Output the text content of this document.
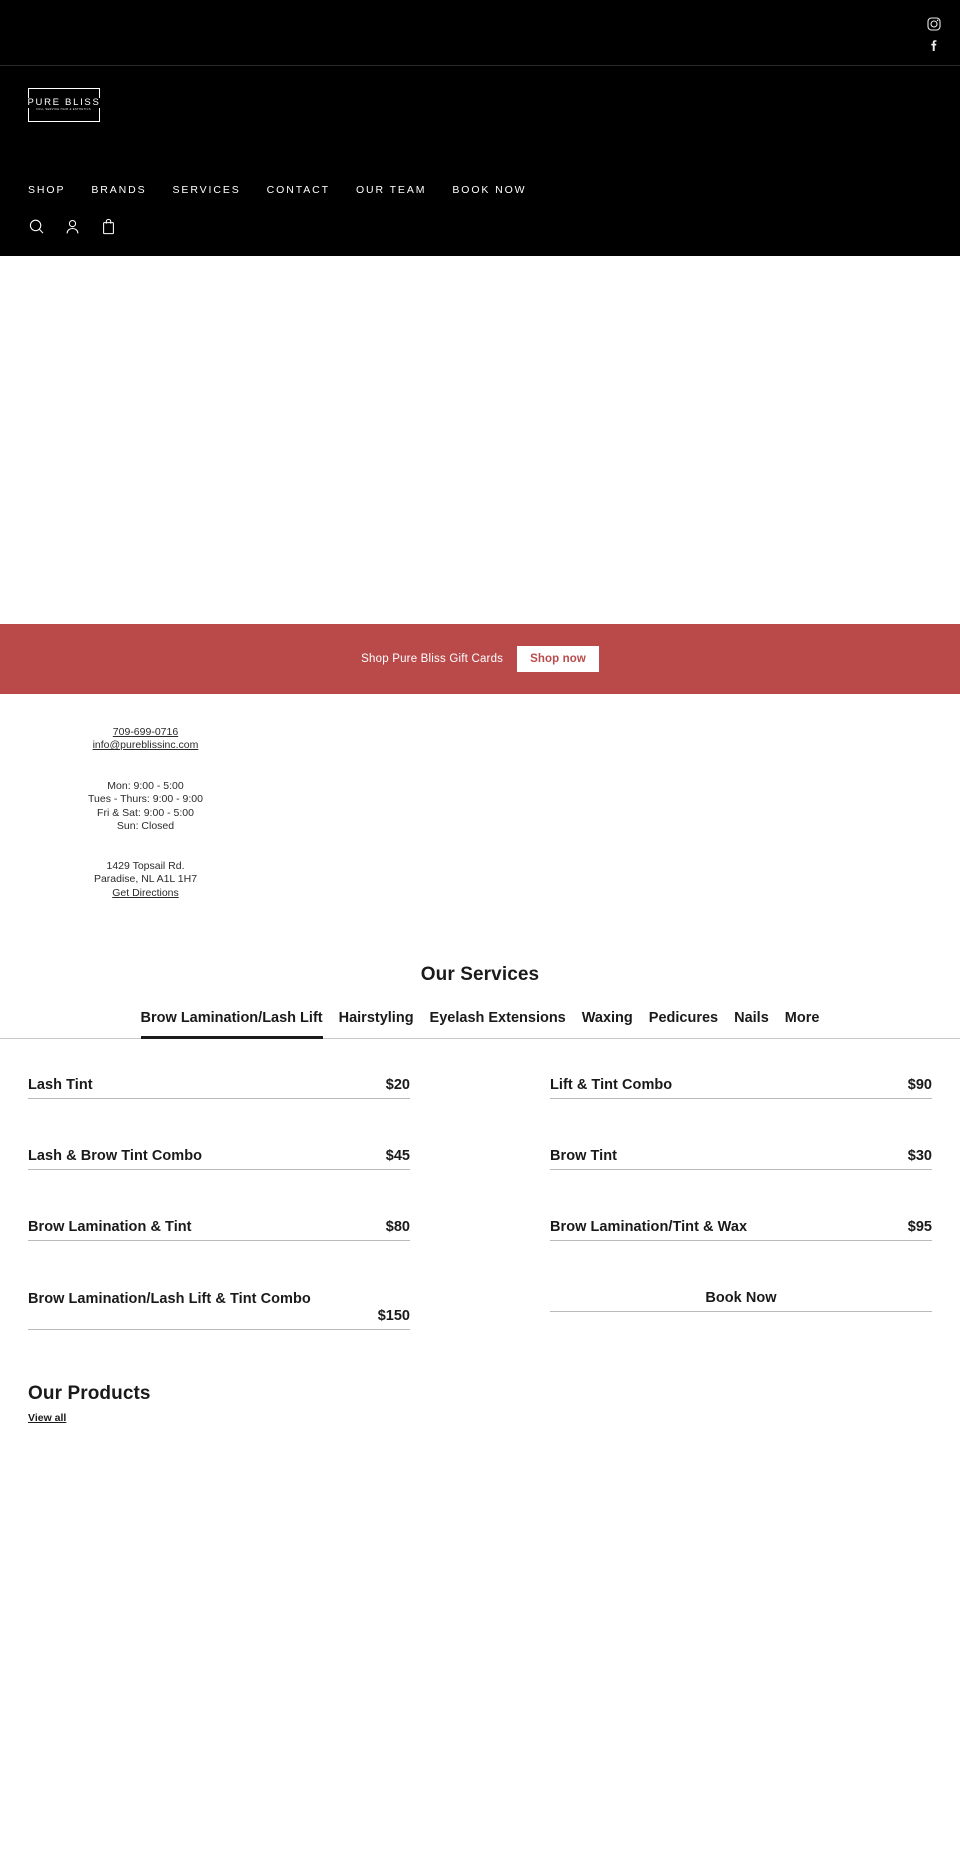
PURE BLISS
FULL SERVICE HAIR & ESTHETICS
SHOP BRANDS SERVICES CONTACT OUR TEAM BOOK NOW
Shop Pure Bliss Gift Cards	Shop now
709-699-0716
info@pureblissinc.com
Mon: 9:00 - 5:00
Tues - Thurs: 9:00 - 9:00
Fri & Sat: 9:00 - 5:00
Sun: Closed
1429 Topsail Rd.
Paradise, NL A1L 1H7
Get Directions
Our Services
Brow Lamination/Lash Lift Hairstyling Eyelash Extensions Waxing Pedicures Nails More
Lash Tint	$20
Lash & Brow Tint Combo	$45
Brow Lamination & Tint	$80
Brow Lamination/Lash Lift & Tint Combo
$150
Lift & Tint Combo	$90
Brow Tint	$30
Brow Lamination/Tint & Wax	$95
Book Now
Our Products
View all
